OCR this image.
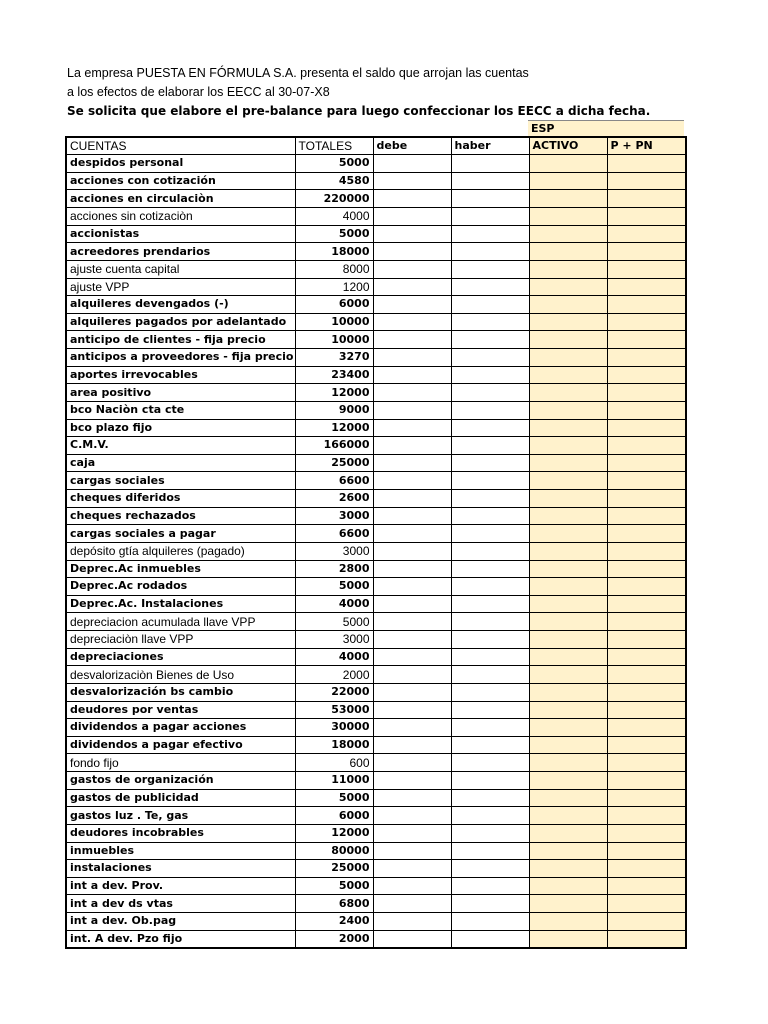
La empresa PUESTA EN FÓRMULA S.A. presenta el saldo que arrojan las cuentas
a los efectos de elaborar los EECC al 30-07-X8
Se solicita que elabore el pre-balance para luego confeccionar los EECC a dicha fecha.
ESP
CUENTAS	TOTALES	debe	haber	ACTIVO	P + PN
despidos personal	5000				
acciones con cotización	4580				
acciones en circulaciòn	220000				
acciones sin cotizaciòn	4000				
accionistas	5000				
acreedores prendarios	18000				
ajuste cuenta capital	8000				
ajuste VPP	1200				
alquileres devengados (-)	6000				
alquileres pagados por adelantado	10000				
anticipo de clientes - fija precio	10000				
anticipos a proveedores - fija precio	3270				
aportes irrevocables	23400				
area positivo	12000				
bco Naciòn cta cte	9000				
bco plazo fijo	12000				
C.M.V.	166000				
caja	25000				
cargas sociales	6600				
cheques diferidos	2600				
cheques rechazados	3000				
cargas sociales a pagar	6600				
depósito gtía alquileres (pagado)	3000				
Deprec.Ac inmuebles	2800				
Deprec.Ac rodados	5000				
Deprec.Ac. Instalaciones	4000				
depreciacion acumulada llave VPP	5000				
depreciaciòn llave VPP	3000				
depreciaciones	4000				
desvalorizaciòn Bienes de Uso	2000				
desvalorización bs cambio	22000				
deudores por ventas	53000				
dividendos a pagar acciones	30000				
dividendos a pagar efectivo	18000				
fondo fijo	600				
gastos de organización	11000				
gastos de publicidad	5000				
gastos luz . Te, gas	6000				
deudores incobrables	12000				
inmuebles	80000				
instalaciones	25000				
int a dev. Prov.	5000				
int a dev ds vtas	6800				
int a dev. Ob.pag	2400				
int. A dev. Pzo fijo	2000				
